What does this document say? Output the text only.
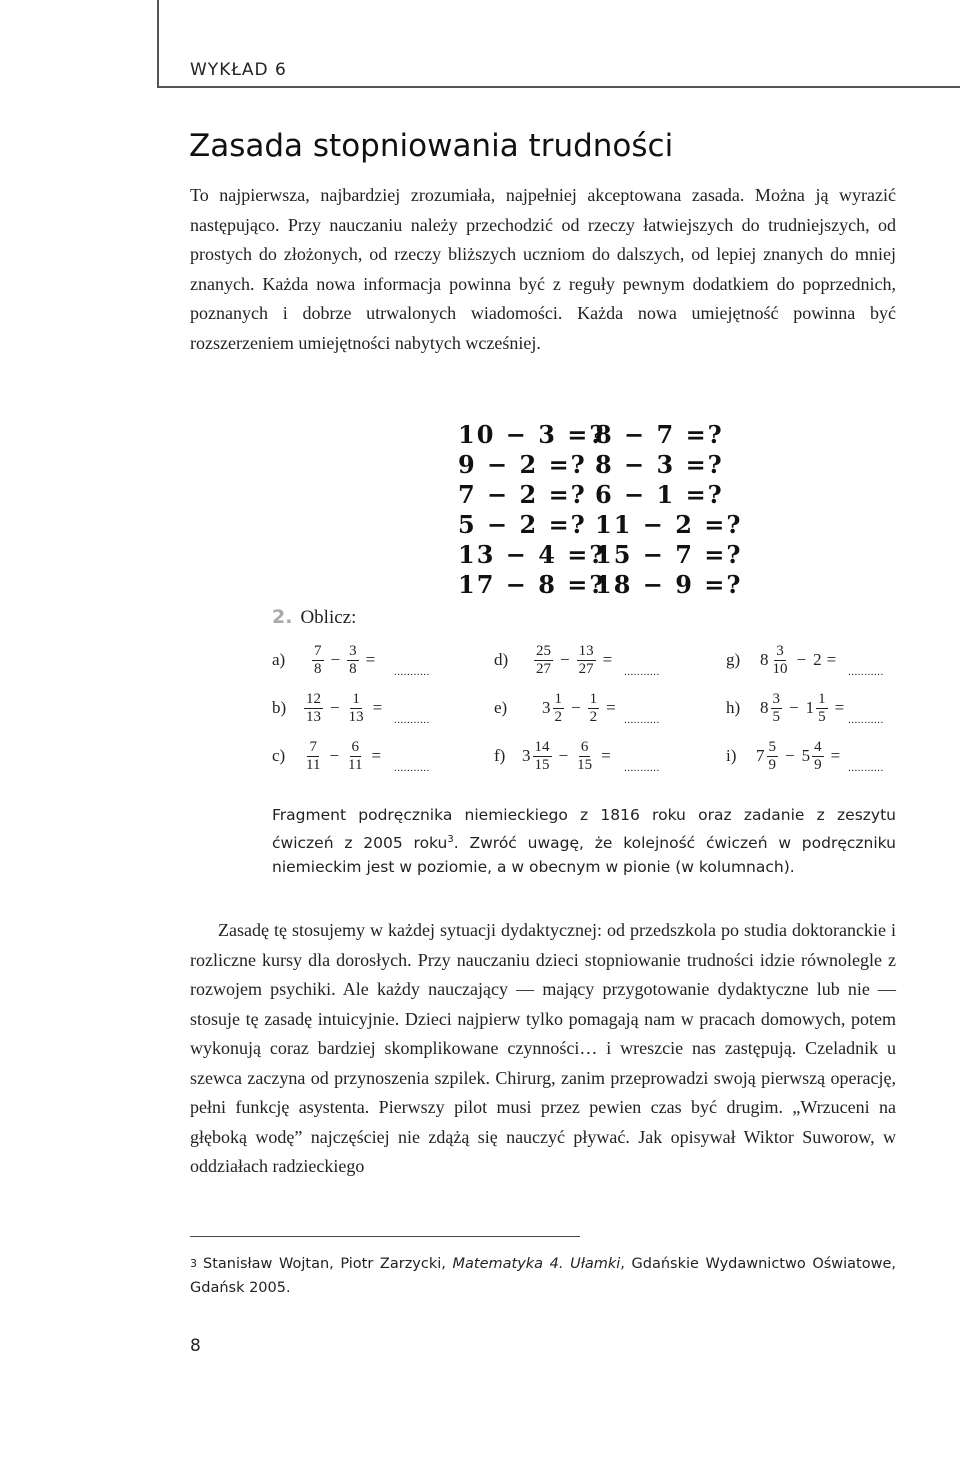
WYKŁAD 6
Zasada stopniowania trudności

To najpierwsza, najbardziej zrozumiała, najpełniej akceptowana zasada. Można ją wyrazić następująco. Przy nauczaniu należy przechodzić od rzeczy łatwiejszych do trudniejszych, od prostych do złożonych, od rzeczy bliższych uczniom do dalszych, od lepiej znanych do mniej znanych. Każda nowa informacja powinna być z reguły pewnym dodatkiem do poprzednich, poznanych i dobrze utrwalonych wiadomości. Każda nowa umiejętność powinna być rozszerzeniem umiejętności nabytych wcześniej.

10 − 3 =?
8 − 7 =?
9 − 2 =? 8 − 3 =?
7 − 2 =? 6 − 1 =?
5 − 2 =? 11 − 2 =?
13 − 4 =?
15 − 7 =?
17 − 8 =?
18 − 9 =?
2. Oblicz:
$a) \frac{7}{8} - \frac{3}{8}$ =
...........
$b) \frac{12}{13} - \frac{1}{13}$ =
...........
$c) \frac{7}{11} - \frac{6}{11}$ =
...........
$d) \frac{25}{27} - \frac{13}{27}$ =
...........
e) $3 \frac{1}{2} - \frac{1}{2}$ =
...........
f) $3 \frac{14}{15} - \frac{6}{15}$ =
...........
g) $8 \frac{3}{10} - 2$ =
...........
h) $8 \frac{3}{5} - 1 \frac{1}{5}$ =
...........
i) $7 \frac{5}{9} - 5 \frac{4}{9}$ =
...........

Fragment podręcznika niemieckiego z 1816 roku oraz zadanie z zeszytu ćwiczeń z 2005 roku$^3$. Zwróć uwagę, że kolejność ćwiczeń w podręczniku niemieckim jest w poziomie, a w obecnym w pionie (w kolumnach).

Zasadę tę stosujemy w każdej sytuacji dydaktycznej: od przedszkola po studia doktoranckie i rozliczne kursy dla dorosłych. Przy nauczaniu dzieci stopniowanie trudności idzie równolegle z rozwojem psychiki. Ale każdy nauczający — mający przygotowanie dydaktyczne lub nie — stosuje tę zasadę intuicyjnie. Dzieci najpierw tylko pomagają nam w pracach domowych, potem wykonują coraz bardziej skomplikowane czynności… i wreszcie nas zastępują. Czeladnik u szewca zaczyna od przynoszenia szpilek. Chirurg, zanim przeprowadzi swoją pierwszą operację, pełni funkcję asystenta. Pierwszy pilot musi przez pewien czas być drugim. „Wrzuceni na głęboką wodę” najczęściej nie zdążą się nauczyć pływać. Jak opisywał Wiktor Suworow, w oddziałach radzieckiego

$^3$ Stanisław Wojtan, Piotr Zarzycki, Matematyka 4. Ułamki, Gdańskie Wydawnictwo Oświatowe, Gdańsk 2005.

8
